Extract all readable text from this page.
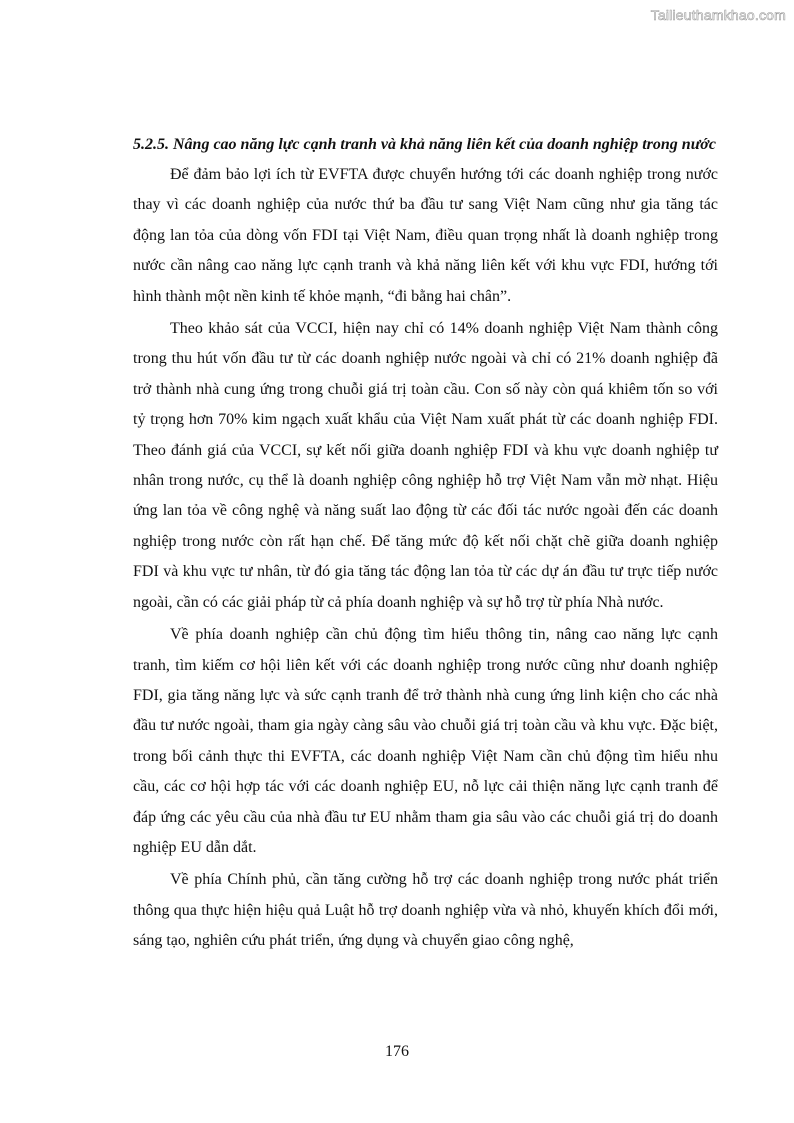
Tailieuthamkhao.com

5.2.5. Nâng cao năng lực cạnh tranh và khả năng liên kết của doanh nghiệp trong nước

Để đảm bảo lợi ích từ EVFTA được chuyển hướng tới các doanh nghiệp trong nước thay vì các doanh nghiệp của nước thứ ba đầu tư sang Việt Nam cũng như gia tăng tác động lan tỏa của dòng vốn FDI tại Việt Nam, điều quan trọng nhất là doanh nghiệp trong nước cần nâng cao năng lực cạnh tranh và khả năng liên kết với khu vực FDI, hướng tới hình thành một nền kinh tế khỏe mạnh, “đi bằng hai chân”.

Theo khảo sát của VCCI, hiện nay chỉ có 14% doanh nghiệp Việt Nam thành công trong thu hút vốn đầu tư từ các doanh nghiệp nước ngoài và chỉ có 21% doanh nghiệp đã trở thành nhà cung ứng trong chuỗi giá trị toàn cầu. Con số này còn quá khiêm tốn so với tỷ trọng hơn 70% kim ngạch xuất khẩu của Việt Nam xuất phát từ các doanh nghiệp FDI. Theo đánh giá của VCCI, sự kết nối giữa doanh nghiệp FDI và khu vực doanh nghiệp tư nhân trong nước, cụ thể là doanh nghiệp công nghiệp hỗ trợ Việt Nam vẫn mờ nhạt. Hiệu ứng lan tỏa về công nghệ và năng suất lao động từ các đối tác nước ngoài đến các doanh nghiệp trong nước còn rất hạn chế. Để tăng mức độ kết nối chặt chẽ giữa doanh nghiệp FDI và khu vực tư nhân, từ đó gia tăng tác động lan tỏa từ các dự án đầu tư trực tiếp nước ngoài, cần có các giải pháp từ cả phía doanh nghiệp và sự hỗ trợ từ phía Nhà nước.

Về phía doanh nghiệp cần chủ động tìm hiểu thông tin, nâng cao năng lực cạnh tranh, tìm kiếm cơ hội liên kết với các doanh nghiệp trong nước cũng như doanh nghiệp FDI, gia tăng năng lực và sức cạnh tranh để trở thành nhà cung ứng linh kiện cho các nhà đầu tư nước ngoài, tham gia ngày càng sâu vào chuỗi giá trị toàn cầu và khu vực. Đặc biệt, trong bối cảnh thực thi EVFTA, các doanh nghiệp Việt Nam cần chủ động tìm hiểu nhu cầu, các cơ hội hợp tác với các doanh nghiệp EU, nỗ lực cải thiện năng lực cạnh tranh để đáp ứng các yêu cầu của nhà đầu tư EU nhằm tham gia sâu vào các chuỗi giá trị do doanh nghiệp EU dẫn dắt.

Về phía Chính phủ, cần tăng cường hỗ trợ các doanh nghiệp trong nước phát triển thông qua thực hiện hiệu quả Luật hỗ trợ doanh nghiệp vừa và nhỏ, khuyến khích đổi mới, sáng tạo, nghiên cứu phát triển, ứng dụng và chuyển giao công nghệ,

176
